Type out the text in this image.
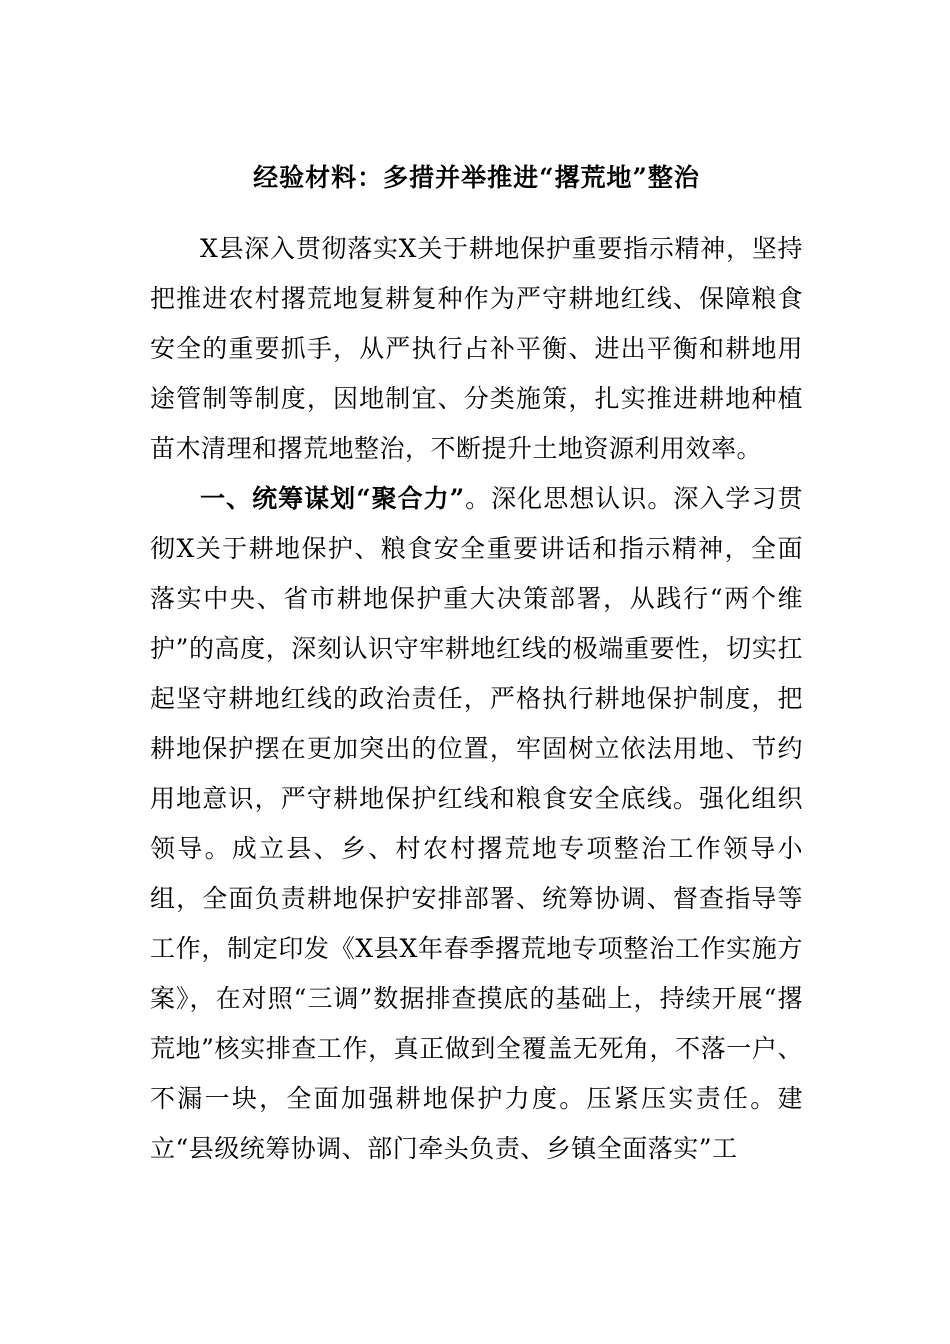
经验材料：多措并举推进“撂荒地”整治

X县深入贯彻落实X关于耕地保护重要指示精神，坚持把推进农村撂荒地复耕复种作为严守耕地红线、保障粮食安全的重要抓手，从严执行占补平衡、进出平衡和耕地用途管制等制度，因地制宜、分类施策，扎实推进耕地种植苗木清理和撂荒地整治，不断提升土地资源利用效率。

一、统筹谋划“聚合力”。深化思想认识。深入学习贯彻X关于耕地保护、粮食安全重要讲话和指示精神，全面落实中央、省市耕地保护重大决策部署，从践行“两个维护”的高度，深刻认识守牢耕地红线的极端重要性，切实扛起坚守耕地红线的政治责任，严格执行耕地保护制度，把耕地保护摆在更加突出的位置，牢固树立依法用地、节约用地意识，严守耕地保护红线和粮食安全底线。强化组织领导。成立县、乡、村农村撂荒地专项整治工作领导小组，全面负责耕地保护安排部署、统筹协调、督查指导等工作，制定印发《X县X年春季撂荒地专项整治工作实施方案》，在对照“三调”数据排查摸底的基础上，持续开展“撂荒地”核实排查工作，真正做到全覆盖无死角，不落一户、不漏一块，全面加强耕地保护力度。压紧压实责任。建立“县级统筹协调、部门牵头负责、乡镇全面落实”工
